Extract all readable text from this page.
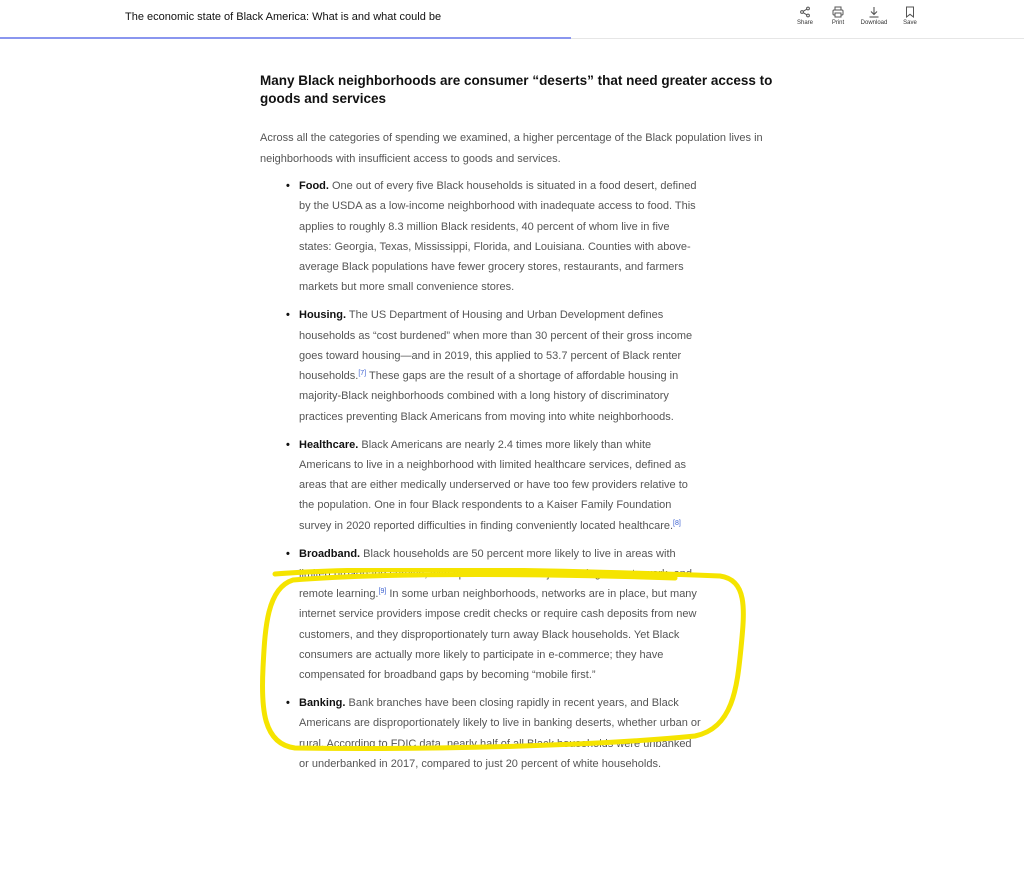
The economic state of Black America: What is and what could be	Share	Print	Download	Save
Many Black neighborhoods are consumer “deserts” that need greater access to goods and services

Across all the categories of spending we examined, a higher percentage of the Black population lives in neighborhoods with insufficient access to goods and services.

• Food. One out of every five Black households is situated in a food desert, defined by the USDA as a low-income neighborhood with inadequate access to food. This applies to roughly 8.3 million Black residents, 40 percent of whom live in five states: Georgia, Texas, Mississippi, Florida, and Louisiana. Counties with above-average Black populations have fewer grocery stores, restaurants, and farmers markets but more small convenience stores.
• Housing. The US Department of Housing and Urban Development defines households as “cost burdened” when more than 30 percent of their gross income goes toward housing—and in 2019, this applied to 53.7 percent of Black renter households.[7] These gaps are the result of a shortage of affordable housing in majority-Black neighborhoods combined with a long history of discriminatory practices preventing Black Americans from moving into white neighborhoods.
• Healthcare. Black Americans are nearly 2.4 times more likely than white Americans to live in a neighborhood with limited healthcare services, defined as areas that are either medically underserved or have too few providers relative to the population. One in four Black respondents to a Kaiser Family Foundation survey in 2020 reported difficulties in finding conveniently located healthcare.[8]
• Broadband. Black households are 50 percent more likely to live in areas with limited broadband service, with spillover effects on job hunting, remote work, and remote learning.[9] In some urban neighborhoods, networks are in place, but many internet service providers impose credit checks or require cash deposits from new customers, and they disproportionately turn away Black households. Yet Black consumers are actually more likely to participate in e-commerce; they have compensated for broadband gaps by becoming “mobile first.”
• Banking. Bank branches have been closing rapidly in recent years, and Black Americans are disproportionately likely to live in banking deserts, whether urban or rural. According to FDIC data, nearly half of all Black households were unbanked or underbanked in 2017, compared to just 20 percent of white households.
